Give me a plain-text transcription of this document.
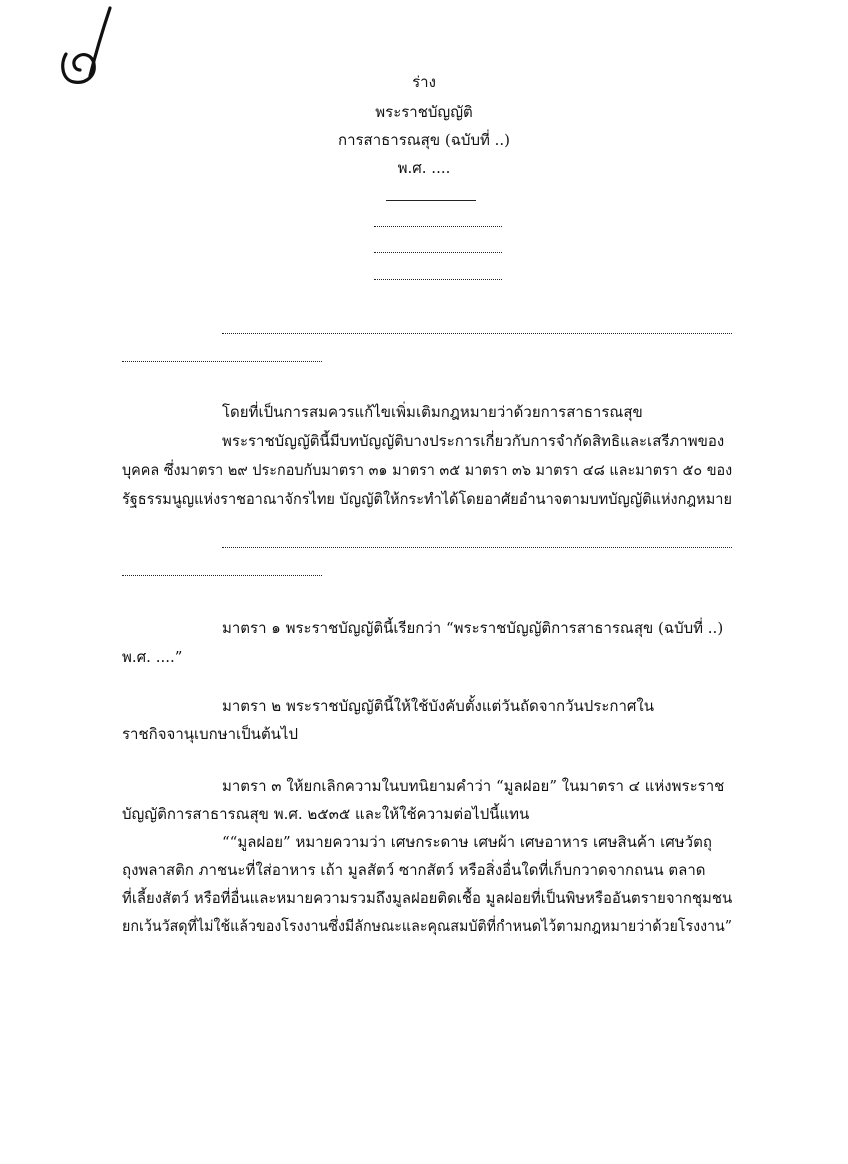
ร่าง
พระราชบัญญัติ
การสาธารณสุข (ฉบับที่ ..)
พ.ศ. ....
โดยที่เป็นการสมควรแก้ไขเพิ่มเติมกฎหมายว่าด้วยการสาธารณสุข
พระราชบัญญัตินี้มีบทบัญญัติบางประการเกี่ยวกับการจำกัดสิทธิและเสรีภาพของ
บุคคล ซึ่งมาตรา ๒๙ ประกอบกับมาตรา ๓๑ มาตรา ๓๕ มาตรา ๓๖ มาตรา ๔๘ และมาตรา ๕๐ ของ
รัฐธรรมนูญแห่งราชอาณาจักรไทย บัญญัติให้กระทำได้โดยอาศัยอำนาจตามบทบัญญัติแห่งกฎหมาย
มาตรา ๑ พระราชบัญญัตินี้เรียกว่า “พระราชบัญญัติการสาธารณสุข (ฉบับที่ ..)
พ.ศ. ....”
มาตรา ๒ พระราชบัญญัตินี้ให้ใช้บังคับตั้งแต่วันถัดจากวันประกาศใน
ราชกิจจานุเบกษาเป็นต้นไป
มาตรา ๓ ให้ยกเลิกความในบทนิยามคำว่า “มูลฝอย” ในมาตรา ๔ แห่งพระราช
บัญญัติการสาธารณสุข พ.ศ. ๒๕๓๕ และให้ใช้ความต่อไปนี้แทน
““มูลฝอย” หมายความว่า เศษกระดาษ เศษผ้า เศษอาหาร เศษสินค้า เศษวัตถุ
ถุงพลาสติก ภาชนะที่ใส่อาหาร เถ้า มูลสัตว์ ซากสัตว์ หรือสิ่งอื่นใดที่เก็บกวาดจากถนน ตลาด
ที่เลี้ยงสัตว์ หรือที่อื่นและหมายความรวมถึงมูลฝอยติดเชื้อ มูลฝอยที่เป็นพิษหรืออันตรายจากชุมชน
ยกเว้นวัสดุที่ไม่ใช้แล้วของโรงงานซึ่งมีลักษณะและคุณสมบัติที่กำหนดไว้ตามกฎหมายว่าด้วยโรงงาน”
